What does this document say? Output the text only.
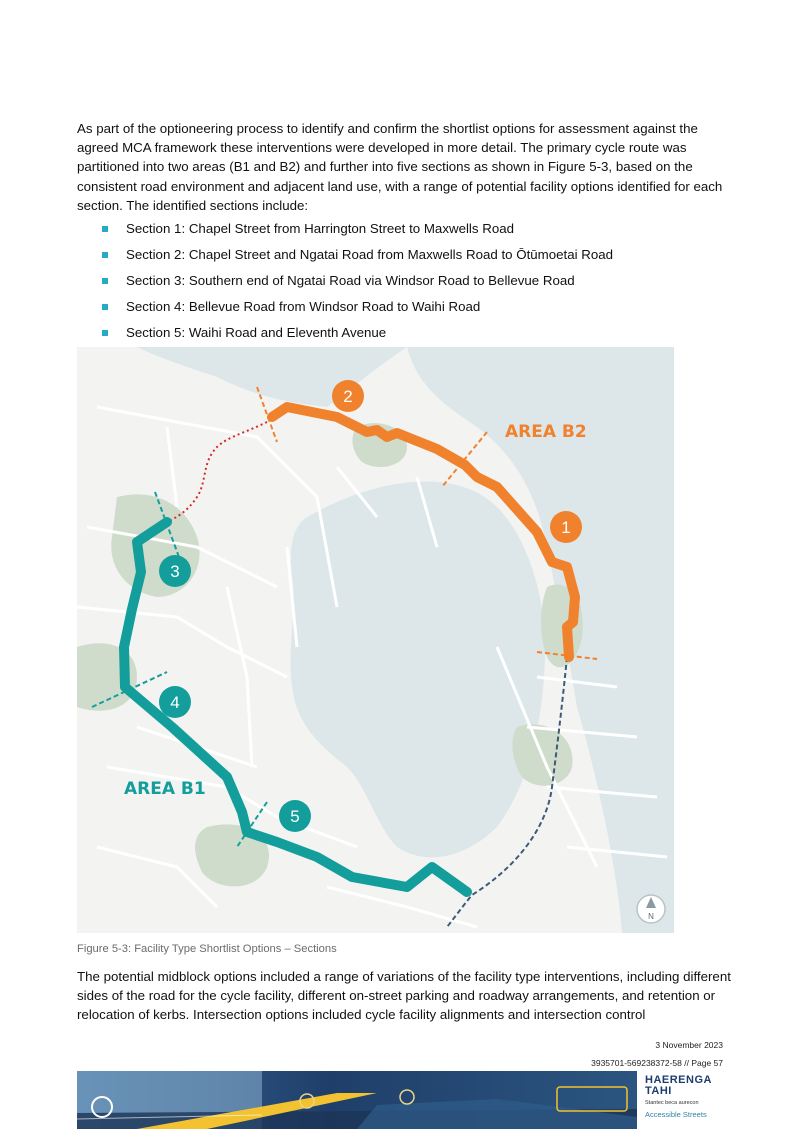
As part of the optioneering process to identify and confirm the shortlist options for assessment against the agreed MCA framework these interventions were developed in more detail. The primary cycle route was partitioned into two areas (B1 and B2) and further into five sections as shown in Figure 5-3, based on the consistent road environment and adjacent land use, with a range of potential facility options identified for each section. The identified sections include:

Section 1: Chapel Street from Harrington Street to Maxwells Road
Section 2: Chapel Street and Ngatai Road from Maxwells Road to Ōtūmoetai Road
Section 3: Southern end of Ngatai Road via Windsor Road to Bellevue Road
Section 4: Bellevue Road from Windsor Road to Waihi Road
Section 5: Waihi Road and Eleventh Avenue
1
2
3
4
5
AREA B2
AREA B1
N

Figure 5-3: Facility Type Shortlist Options – Sections

The potential midblock options included a range of variations of the facility type interventions, including different sides of the road for the cycle facility, different on-street parking and roadway arrangements, and retention or relocation of kerbs. Intersection options included cycle facility alignments and intersection control

3 November 2023
3935701-569238372-58 // Page 57
HAERENGA
TAHI
Stantec beca aurecon
Accessible Streets
